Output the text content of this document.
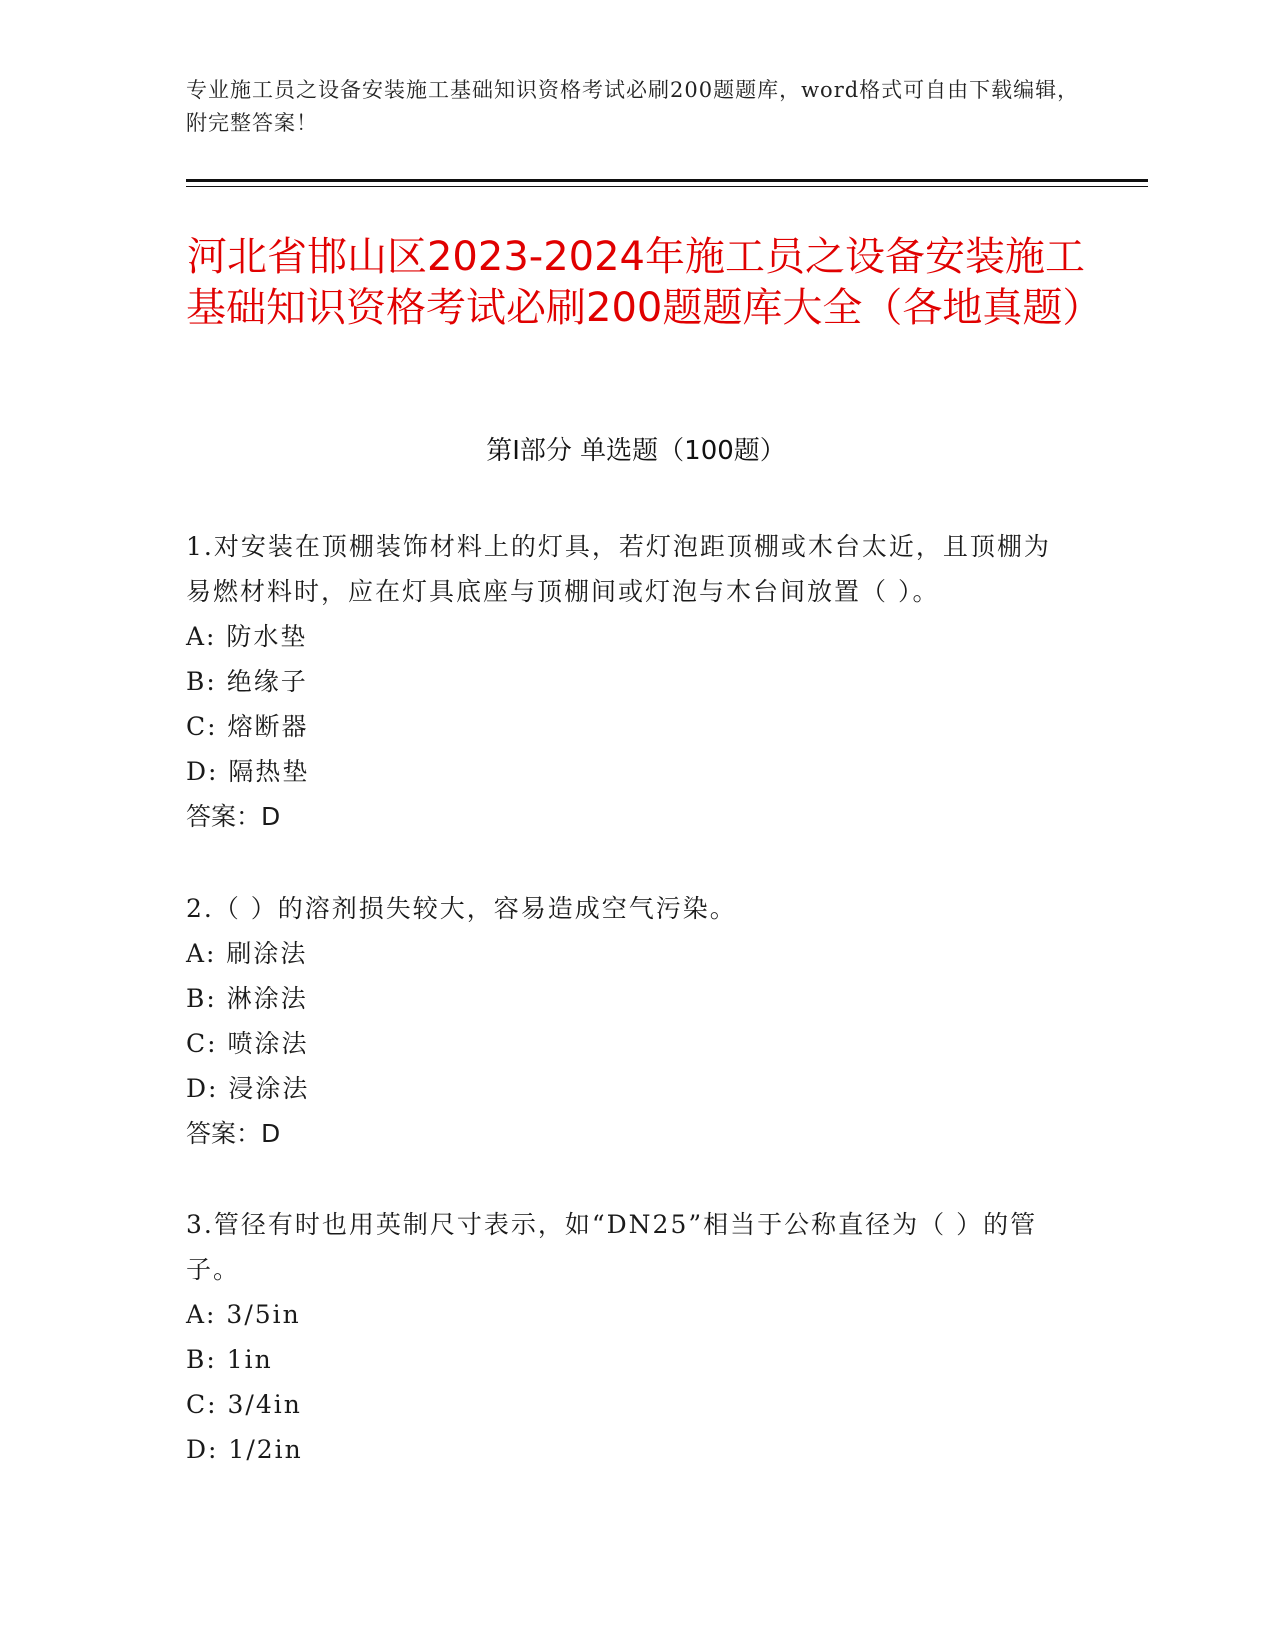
专业施工员之设备安装施工基础知识资格考试必刷200题题库，word格式可自由下载编辑，附完整答案！
河北省邯山区2023-2024年施工员之设备安装施工基础知识资格考试必刷200题题库大全（各地真题）
第I部分 单选题（100题）

1.对安装在顶棚装饰材料上的灯具，若灯泡距顶棚或木台太近，且顶棚为易燃材料时，应在灯具底座与顶棚间或灯泡与木台间放置（ ）。

A: 防水垫

B: 绝缘子

C: 熔断器

D: 隔热垫

答案：D

2.（ ）的溶剂损失较大，容易造成空气污染。

A: 刷涂法

B: 淋涂法

C: 喷涂法

D: 浸涂法

答案：D

3.管径有时也用英制尺寸表示，如“DN25”相当于公称直径为（ ）的管子。

A: 3/5in

B: 1in

C: 3/4in

D: 1/2in
